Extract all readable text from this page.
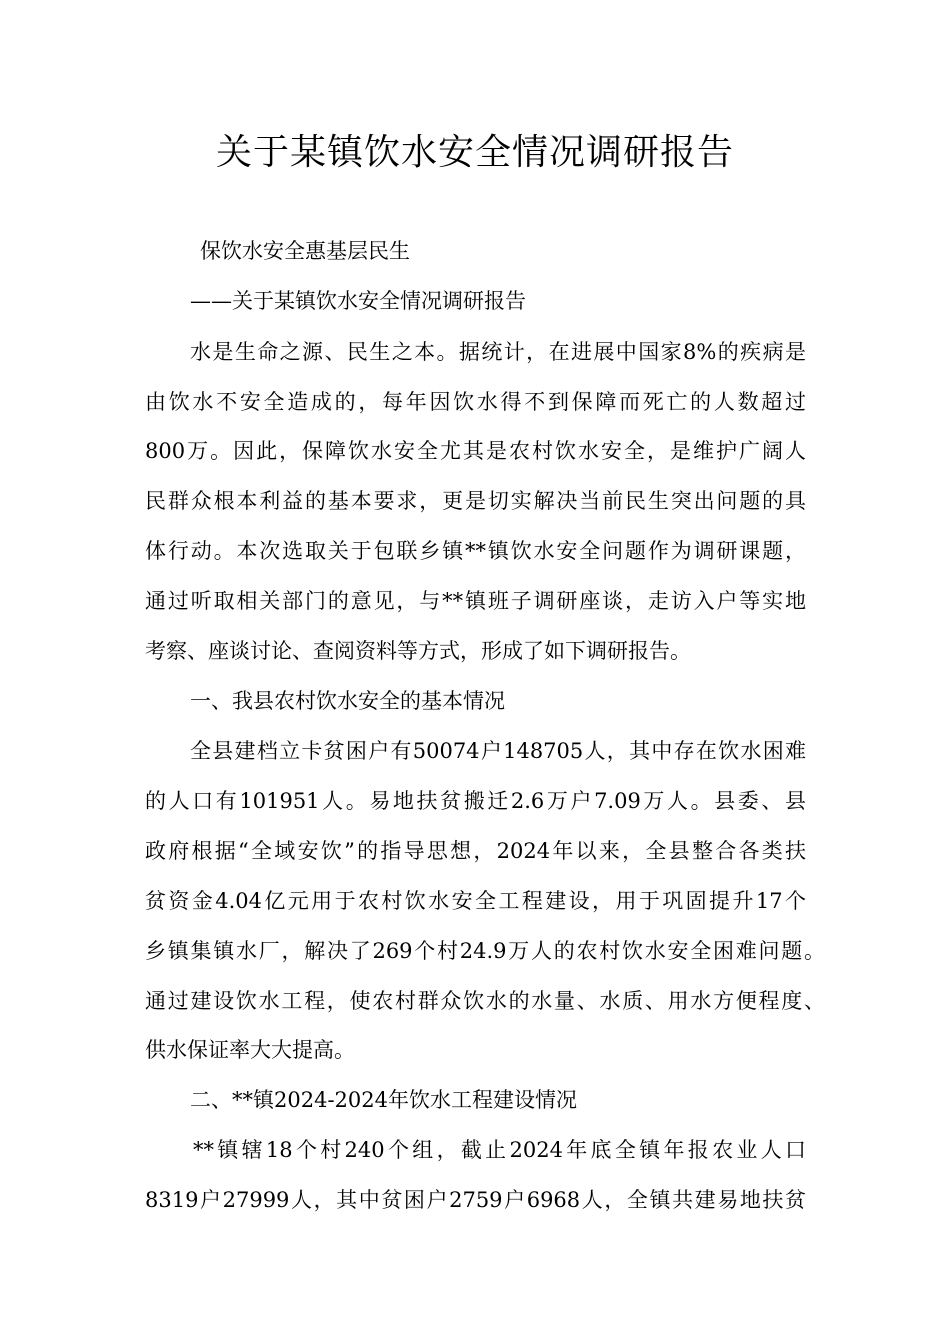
关于某镇饮水安全情况调研报告
保饮水安全惠基层民生
——关于某镇饮水安全情况调研报告
水是生命之源、民生之本。据统计，在进展中国家8%的疾病是
由饮水不安全造成的，每年因饮水得不到保障而死亡的人数超过
800万。因此，保障饮水安全尤其是农村饮水安全，是维护广阔人
民群众根本利益的基本要求，更是切实解决当前民生突出问题的具
体行动。本次选取关于包联乡镇**镇饮水安全问题作为调研课题，
通过听取相关部门的意见，与**镇班子调研座谈，走访入户等实地
考察、座谈讨论、查阅资料等方式，形成了如下调研报告。
一、我县农村饮水安全的基本情况
全县建档立卡贫困户有50074户148705人，其中存在饮水困难
的人口有101951人。易地扶贫搬迁2.6万户7.09万人。县委、县
政府根据“全域安饮”的指导思想，2024年以来，全县整合各类扶
贫资金4.04亿元用于农村饮水安全工程建设，用于巩固提升17个
乡镇集镇水厂，解决了269个村24.9万人的农村饮水安全困难问题。
通过建设饮水工程，使农村群众饮水的水量、水质、用水方便程度、
供水保证率大大提高。
二、**镇2024-2024年饮水工程建设情况
**镇辖18个村240个组，截止2024年底全镇年报农业人口
8319户27999人，其中贫困户2759户6968人，全镇共建易地扶贫
